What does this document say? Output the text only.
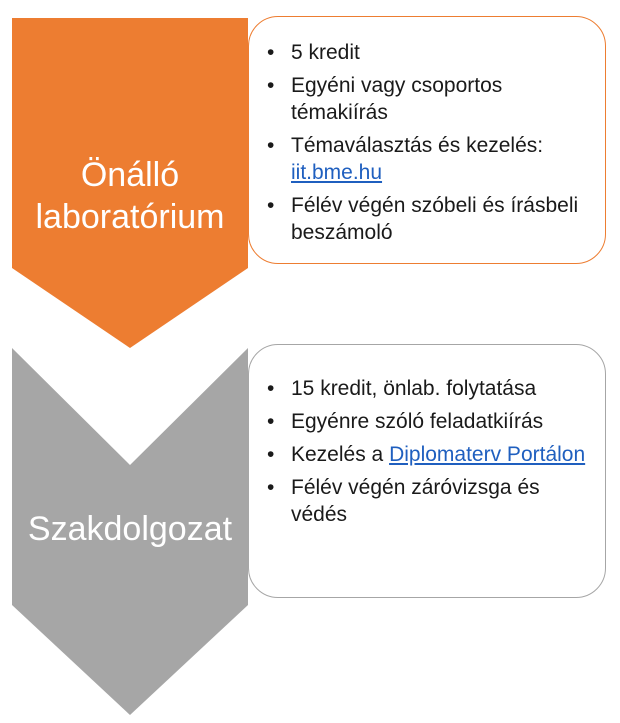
Önálló
laboratórium
Szakdolgozat
• 5 kredit
• Egyéni vagy csoportos témakiírás
• Témaválasztás és kezelés: iit.bme.hu
• Félév végén szóbeli és írásbeli beszámoló
• 15 kredit, önlab. folytatása
• Egyénre szóló feladatkiírás
• Kezelés a Diplomaterv Portálon
• Félév végén záróvizsga és védés
